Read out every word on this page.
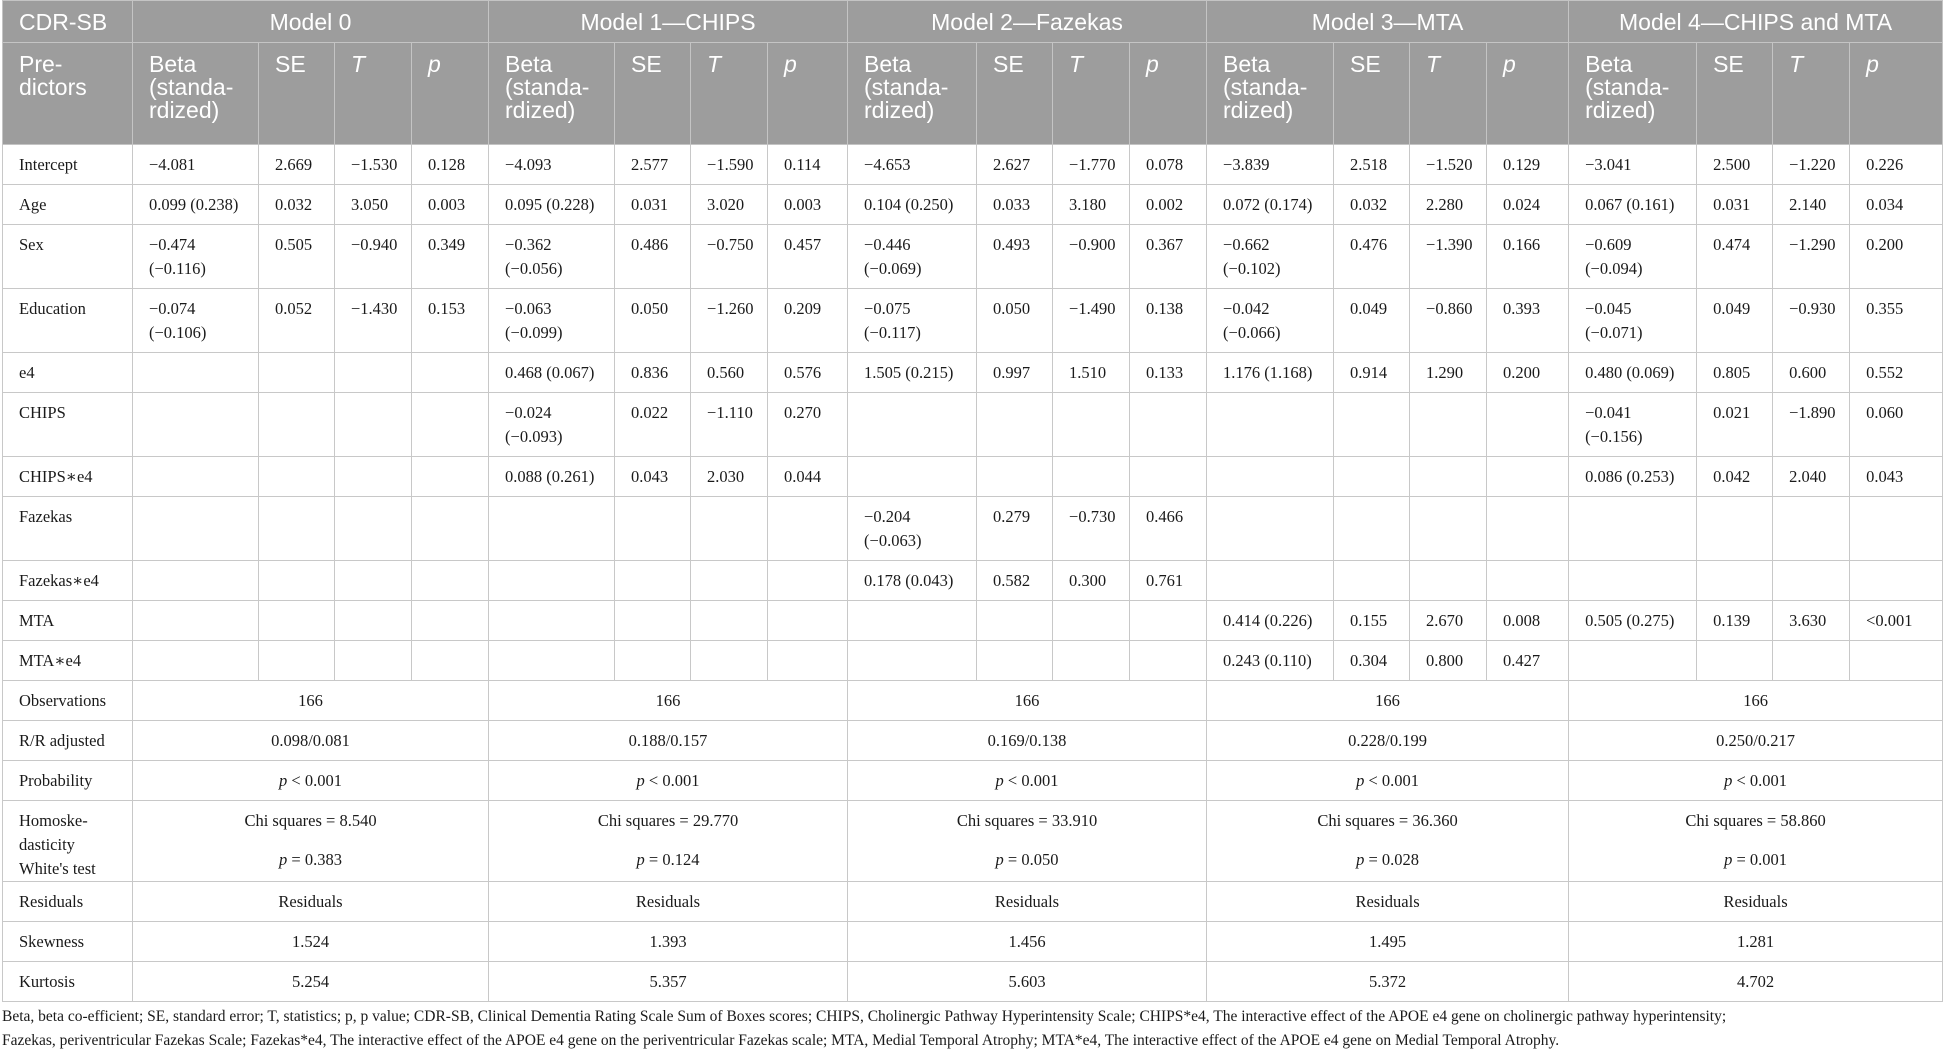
CDR-SB	Model 0				Model 1—CHIPS				Model 2—Fazekas				Model 3—MTA				Model 4—CHIPS and MTA			
Pre-
dictors	Beta
(standa-
rdized)	SE	T	p	Beta
(standa-
rdized)	SE	T	p	Beta
(standa-
rdized)	SE	T	p	Beta
(standa-
rdized)	SE	T	p	Beta
(standa-
rdized)	SE	T	p
Intercept	−4.081	2.669	−1.530	0.128	−4.093	2.577	−1.590	0.114	−4.653	2.627	−1.770	0.078	−3.839	2.518	−1.520	0.129	−3.041	2.500	−1.220	0.226
Age	0.099 (0.238)	0.032	3.050	0.003	0.095 (0.228)	0.031	3.020	0.003	0.104 (0.250)	0.033	3.180	0.002	0.072 (0.174)	0.032	2.280	0.024	0.067 (0.161)	0.031	2.140	0.034
Sex	−0.474
(−0.116)	0.505	−0.940	0.349	−0.362
(−0.056)	0.486	−0.750	0.457	−0.446
(−0.069)	0.493	−0.900	0.367	−0.662
(−0.102)	0.476	−1.390	0.166	−0.609
(−0.094)	0.474	−1.290	0.200
Education	−0.074
(−0.106)	0.052	−1.430	0.153	−0.063
(−0.099)	0.050	−1.260	0.209	−0.075
(−0.117)	0.050	−1.490	0.138	−0.042
(−0.066)	0.049	−0.860	0.393	−0.045
(−0.071)	0.049	−0.930	0.355
e4					0.468 (0.067)	0.836	0.560	0.576	1.505 (0.215)	0.997	1.510	0.133	1.176 (1.168)	0.914	1.290	0.200	0.480 (0.069)	0.805	0.600	0.552
CHIPS					−0.024
(−0.093)	0.022	−1.110	0.270									−0.041
(−0.156)	0.021	−1.890	0.060
CHIPS∗e4					0.088 (0.261)	0.043	2.030	0.044									0.086 (0.253)	0.042	2.040	0.043
Fazekas									−0.204
(−0.063)	0.279	−0.730	0.466								
Fazekas∗e4									0.178 (0.043)	0.582	0.300	0.761								
MTA													0.414 (0.226)	0.155	2.670	0.008	0.505 (0.275)	0.139	3.630	<0.001
MTA∗e4													0.243 (0.110)	0.304	0.800	0.427				
Observations	166				166				166				166				166			
R/R adjusted	0.098/0.081				0.188/0.157				0.169/0.138				0.228/0.199				0.250/0.217			
Probability	p < 0.001				p < 0.001				p < 0.001				p < 0.001				p < 0.001			
Homoske-
dasticity
White's test	Chi squares = 8.540				Chi squares = 29.770				Chi squares = 33.910				Chi squares = 36.360				Chi squares = 58.860			
	p = 0.383				p = 0.124				p = 0.050				p = 0.028				p = 0.001			
Residuals	Residuals				Residuals				Residuals				Residuals				Residuals			
Skewness	1.524				1.393				1.456				1.495				1.281			
Kurtosis	5.254				5.357				5.603				5.372				4.702			
Beta, beta co-efficient; SE, standard error; T, statistics; p, p value; CDR-SB, Clinical Dementia Rating Scale Sum of Boxes scores; CHIPS, Cholinergic Pathway Hyperintensity Scale; CHIPS*e4, The interactive effect of the APOE e4 gene on cholinergic pathway hyperintensity;
Fazekas, periventricular Fazekas Scale; Fazekas*e4, The interactive effect of the APOE e4 gene on the periventricular Fazekas scale; MTA, Medial Temporal Atrophy; MTA*e4, The interactive effect of the APOE e4 gene on Medial Temporal Atrophy.
